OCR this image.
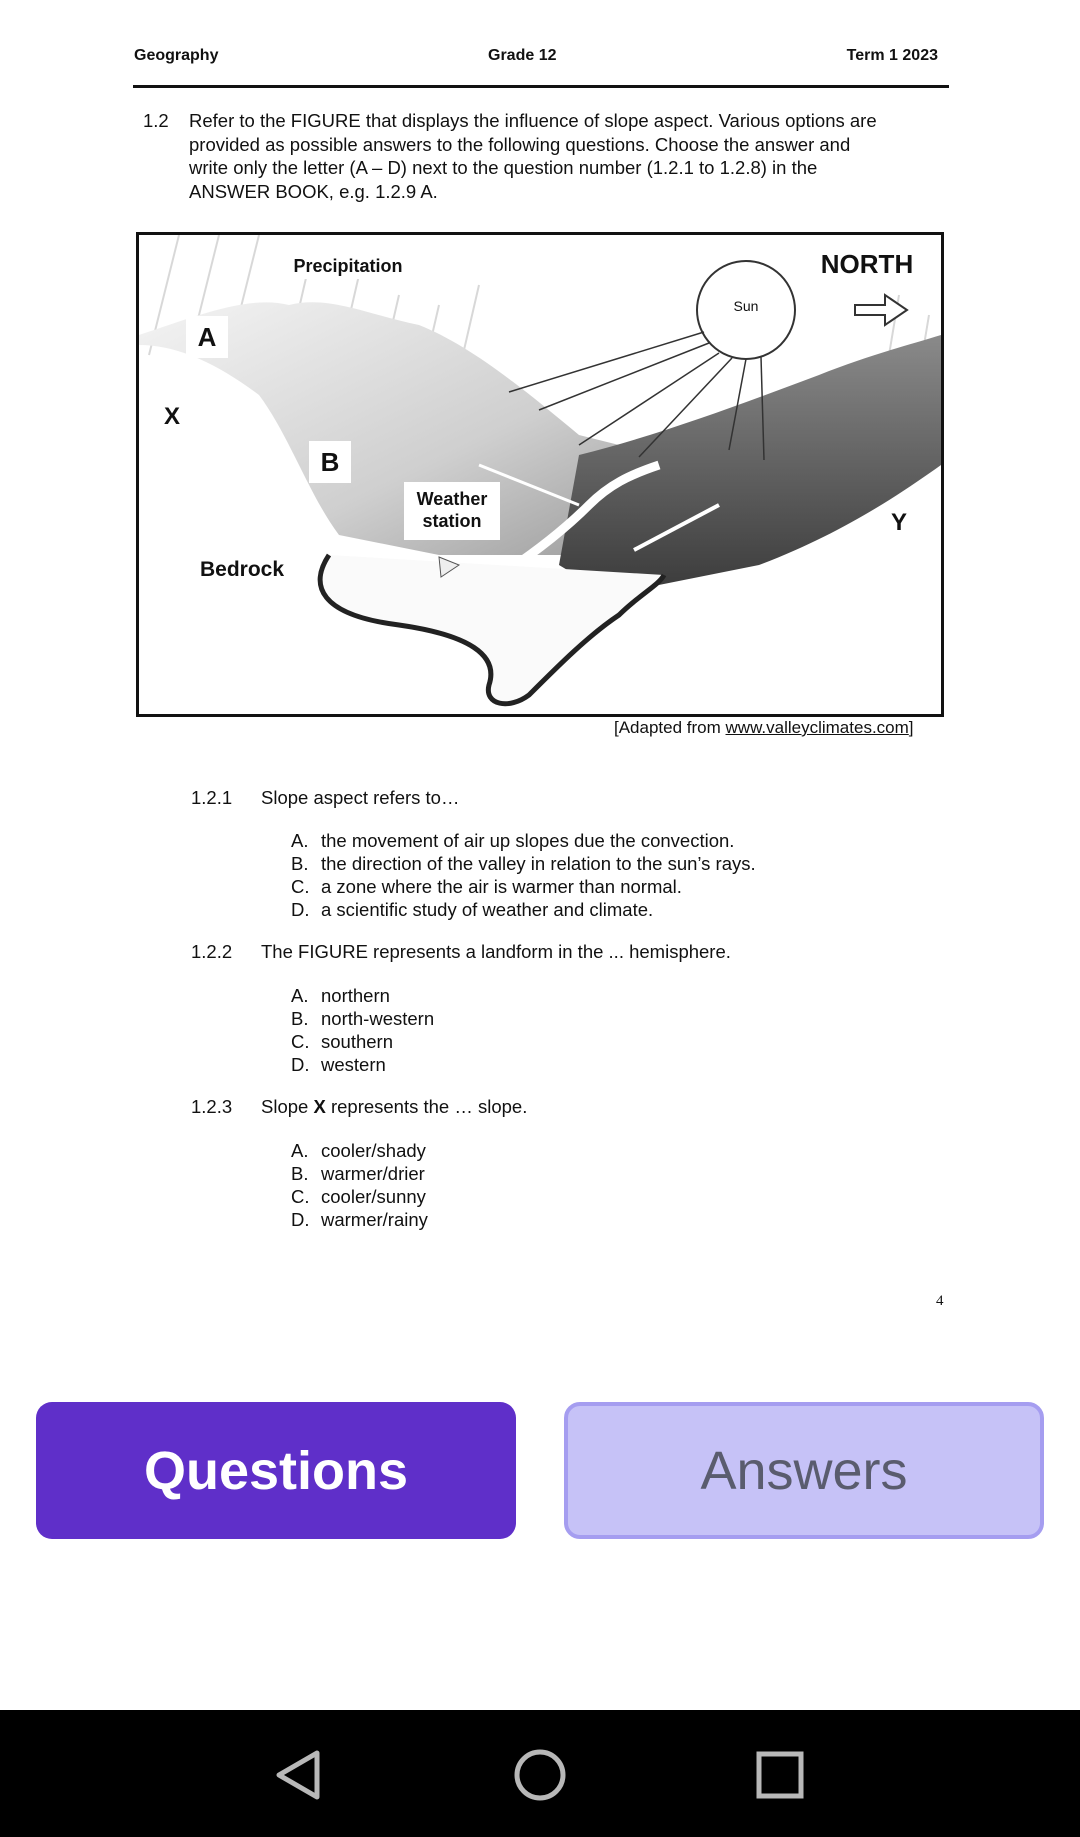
Geography	Grade 12	Term 1 2023
1.2 Refer to the FIGURE that displays the influence of slope aspect. Various options are
provided as possible answers to the following questions. Choose the answer and
write only the letter (A – D) next to the question number (1.2.1 to 1.2.8) in the
ANSWER BOOK, e.g. 1.2.9 A.
Precipitation	NORTH
Sun
A
X
B
Weather
station	Y
Bedrock
[Adapted from www.valleyclimates.com]
1.2.1 Slope aspect refers to…
A. the movement of air up slopes due the convection.
B. the direction of the valley in relation to the sun’s rays.
C. a zone where the air is warmer than normal.
D. a scientific study of weather and climate.
1.2.2 The FIGURE represents a landform in the ... hemisphere.
A. northern
B. north-western
C. southern
D. western
1.2.3 Slope X represents the … slope.
A. cooler/shady
B. warmer/drier
C. cooler/sunny
D. warmer/rainy
4
Questions	Answers
